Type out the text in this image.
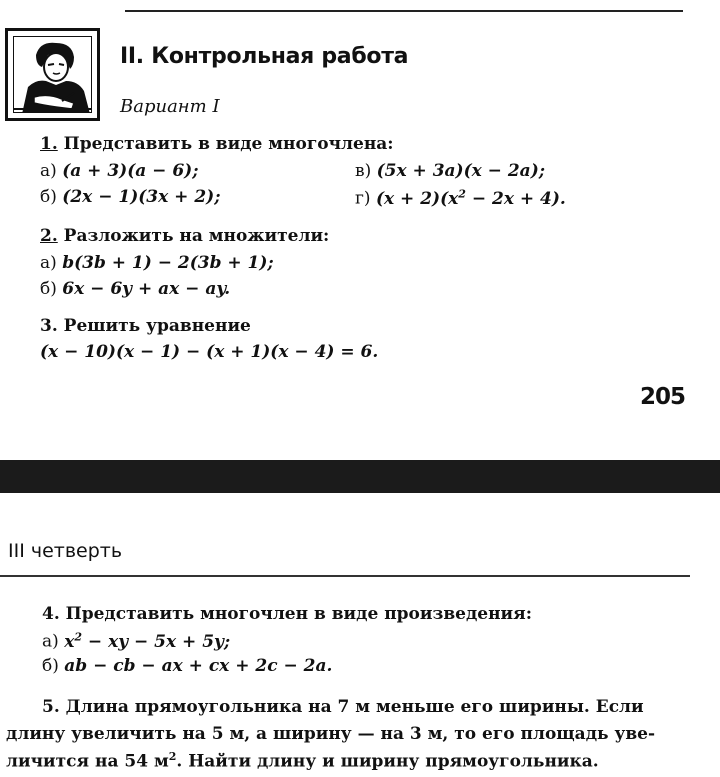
II. Контрольная работа
Вариант I
1. Представить в виде многочлена:
а) (a + 3)(a − 6);
б) (2x − 1)(3x + 2);
в) (5x + 3a)(x − 2a);
г) $(x + 2)(x^2 - 2x + 4)$.
2. Разложить на множители:
а) b(3b + 1) − 2(3b + 1);
б) 6x − 6y + ax − ay.
3. Решить уравнение
(x − 10)(x − 1) − (x + 1)(x − 4) = 6.
205
III четверть
4. Представить многочлен в виде произведения:
а) $x^2$ − xy − 5x + 5y;
б) ab − cb − ax + cx + 2c − 2a.
5. Длина прямоугольника на 7 м меньше его ширины. Если
длину увеличить на 5 м, а ширину — на 3 м, то его площадь уве-
личится на 54 $м^2$. Найти длину и ширину прямоугольника.
